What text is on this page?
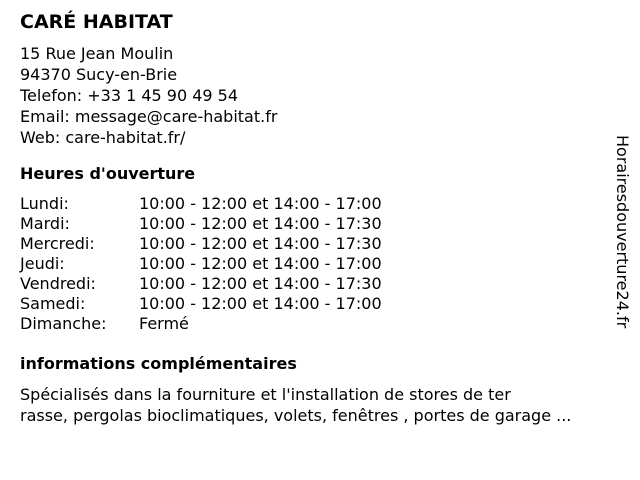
CARÉ HABITAT
15 Rue Jean Moulin
94370 Sucy-en-Brie
Telefon: +33 1 45 90 49 54
Email: message@care-habitat.fr
Web: care-habitat.fr/
Heures d'ouverture
Lundi:	10:00 - 12:00 et 14:00 - 17:00
Mardi:	10:00 - 12:00 et 14:00 - 17:30
Mercredi:	10:00 - 12:00 et 14:00 - 17:30
Jeudi:	10:00 - 12:00 et 14:00 - 17:00
Vendredi:	10:00 - 12:00 et 14:00 - 17:30
Samedi:	10:00 - 12:00 et 14:00 - 17:00
Dimanche:	Fermé
informations complémentaires
Spécialisés dans la fourniture et l'installation de stores de ter
rasse, pergolas bioclimatiques, volets, fenêtres , portes de garage ...
Horairesdouverture24.fr
